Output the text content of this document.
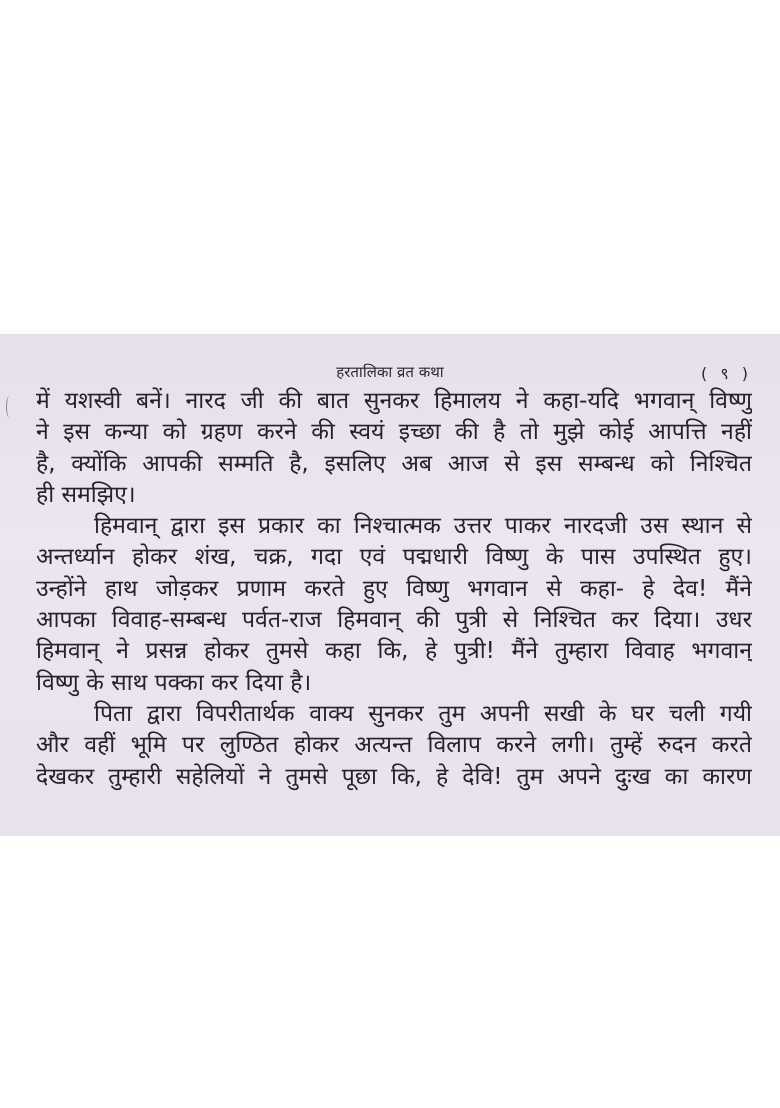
हरतालिका व्रत कथा	( ९ )
में यशस्वी बनें। नारद जी की बात सुनकर हिमालय ने कहा-यदि भगवान् विष्णु
ने इस कन्या को ग्रहण करने की स्वयं इच्छा की है तो मुझे कोई आपत्ति नहीं
है, क्योंकि आपकी सम्मति है, इसलिए अब आज से इस सम्बन्ध को निश्चित
ही समझिए।
हिमवान् द्वारा इस प्रकार का निश्चात्मक उत्तर पाकर नारदजी उस स्थान से
अन्तर्ध्यान होकर शंख, चक्र, गदा एवं पद्मधारी विष्णु के पास उपस्थित हुए।
उन्होंने हाथ जोड़कर प्रणाम करते हुए विष्णु भगवान से कहा- हे देव! मैंने
आपका विवाह-सम्बन्ध पर्वत-राज हिमवान् की पुत्री से निश्चित कर दिया। उधर
हिमवान् ने प्रसन्न होकर तुमसे कहा कि, हे पुत्री! मैंने तुम्हारा विवाह भगवान्
विष्णु के साथ पक्का कर दिया है।
पिता द्वारा विपरीतार्थक वाक्य सुनकर तुम अपनी सखी के घर चली गयी
और वहीं भूमि पर लुण्ठित होकर अत्यन्त विलाप करने लगी। तुम्हें रुदन करते
देखकर तुम्हारी सहेलियों ने तुमसे पूछा कि, हे देवि! तुम अपने दुःख का कारण
